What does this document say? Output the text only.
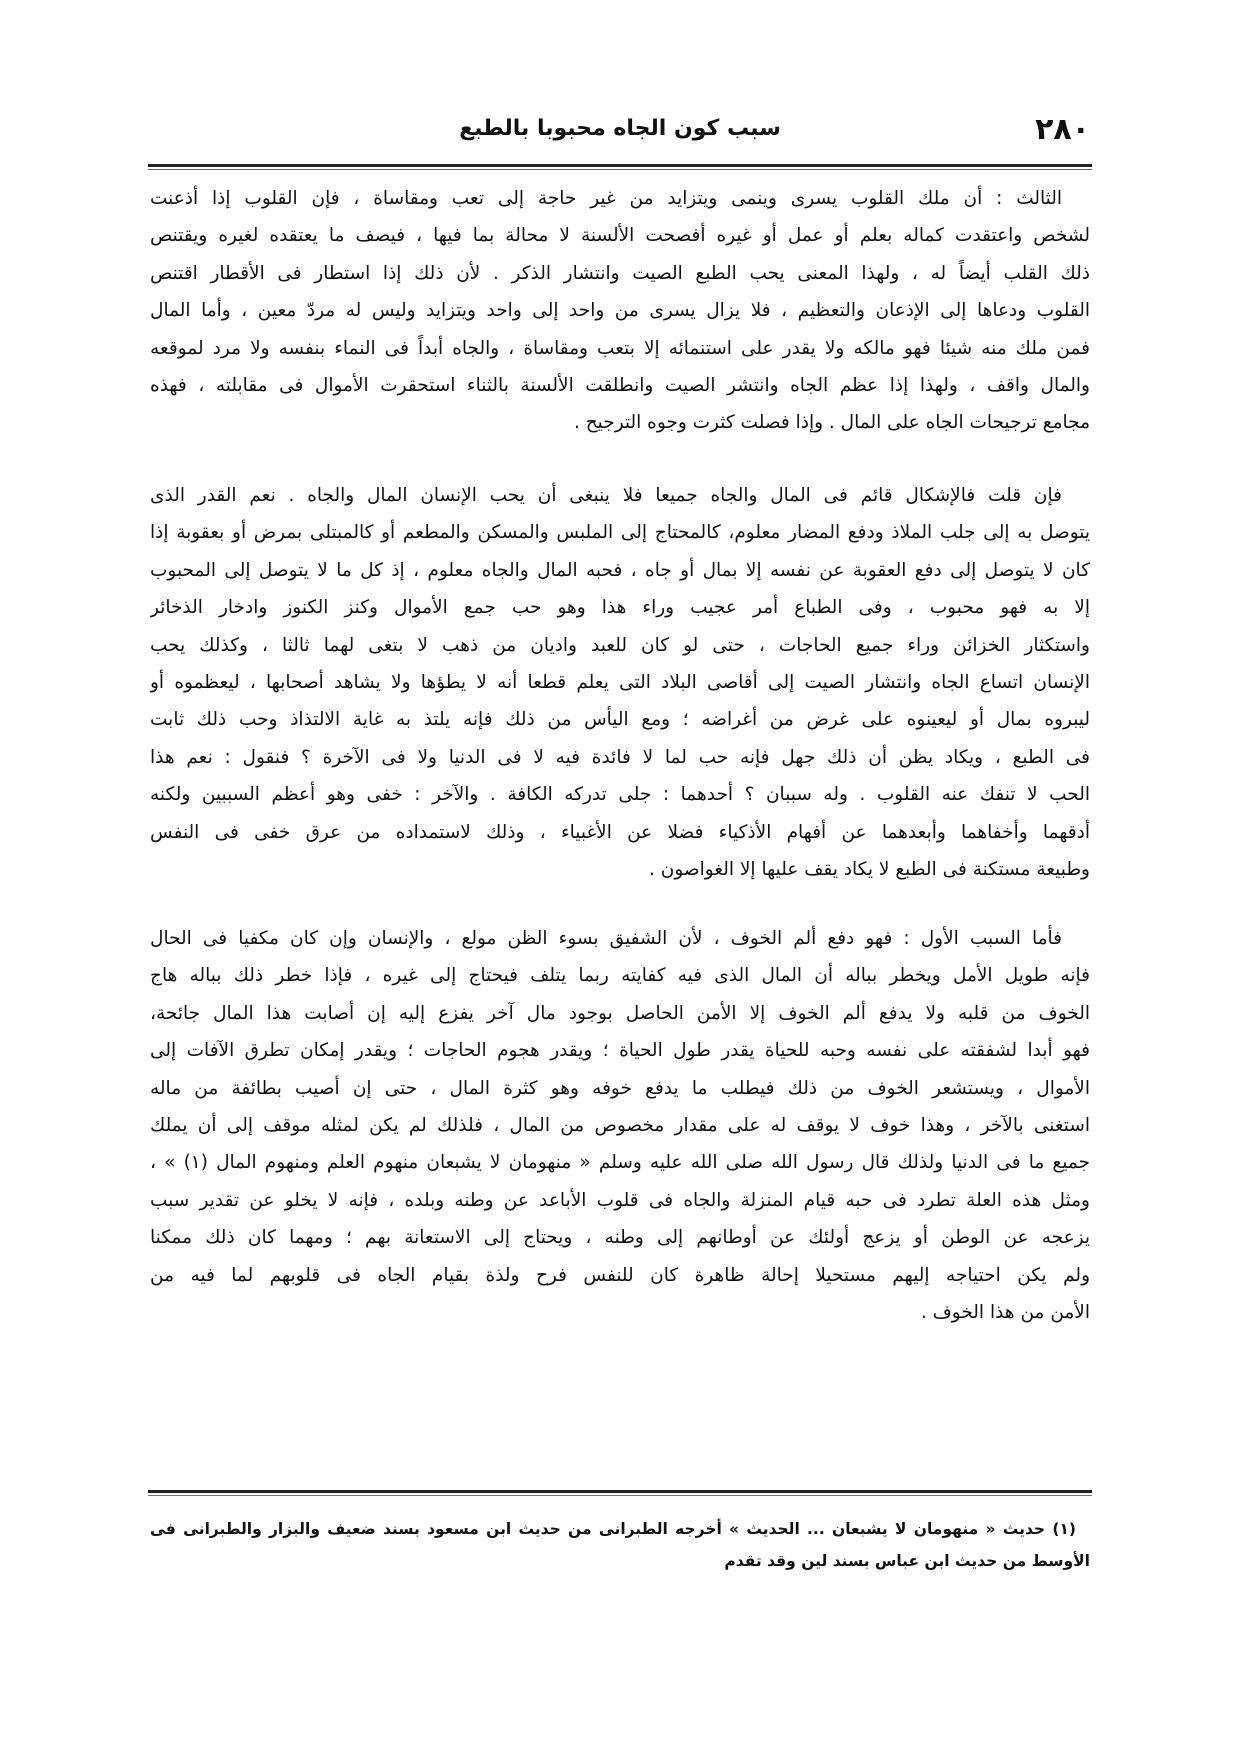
٢٨٠
سبب كون الجاه محبوبا بالطبع
الثالث : أن ملك القلوب يسرى وينمى ويتزايد من غير حاجة إلى تعب ومقاساة ، فإن القلوب إذا أذعنت
لشخص واعتقدت كماله بعلم أو عمل أو غيره أفصحت الألسنة لا محالة بما فيها ، فيصف ما يعتقده لغيره ويقتنص
ذلك القلب أيضاً له ، ولهذا المعنى يحب الطبع الصيت وانتشار الذكر . لأن ذلك إذا استطار فى الأقطار اقتنص
القلوب ودعاها إلى الإذعان والتعظيم ، فلا يزال يسرى من واحد إلى واحد ويتزايد وليس له مردّ معين ، وأما المال
فمن ملك منه شيئا فهو مالكه ولا يقدر على استنمائه إلا بتعب ومقاساة ، والجاه أبداً فى النماء بنفسه ولا مرد لموقعه
والمال واقف ، ولهذا إذا عظم الجاه وانتشر الصيت وانطلقت الألسنة بالثناء استحقرت الأموال فى مقابلته ، فهذه
مجامع ترجيحات الجاه على المال . وإذا فصلت كثرت وجوه الترجيح .
فإن قلت فالإشكال قائم فى المال والجاه جميعا فلا ينبغى أن يحب الإنسان المال والجاه . نعم القدر الذى
يتوصل به إلى جلب الملاذ ودفع المضار معلوم، كالمحتاج إلى الملبس والمسكن والمطعم أو كالمبتلى بمرض أو بعقوبة إذا
كان لا يتوصل إلى دفع العقوبة عن نفسه إلا بمال أو جاه ، فحبه المال والجاه معلوم ، إذ كل ما لا يتوصل إلى المحبوب
إلا به فهو محبوب ، وفى الطباع أمر عجيب وراء هذا وهو حب جمع الأموال وكنز الكنوز وادخار الذخائر
واستكثار الخزائن وراء جميع الحاجات ، حتى لو كان للعبد واديان من ذهب لا بتغى لهما ثالثا ، وكذلك يحب
الإنسان اتساع الجاه وانتشار الصيت إلى أقاصى البلاد التى يعلم قطعا أنه لا يطؤها ولا يشاهد أصحابها ، ليعظموه أو
ليبروه بمال أو ليعينوه على غرض من أغراضه ؛ ومع اليأس من ذلك فإنه يلتذ به غاية الالتذاذ وحب ذلك ثابت
فى الطبع ، ويكاد يظن أن ذلك جهل فإنه حب لما لا فائدة فيه لا فى الدنيا ولا فى الآخرة ؟ فنقول : نعم هذا
الحب لا تنفك عنه القلوب . وله سببان ؟ أحدهما : جلى تدركه الكافة . والآخر : خفى وهو أعظم السببين ولكنه
أدقهما وأخفاهما وأبعدهما عن أفهام الأذكياء فضلا عن الأغبياء ، وذلك لاستمداده من عرق خفى فى النفس
وطبيعة مستكنة فى الطبع لا يكاد يقف عليها إلا الغواصون .
فأما السبب الأول : فهو دفع ألم الخوف ، لأن الشفيق بسوء الظن مولع ، والإنسان وإن كان مكفيا فى الحال
فإنه طويل الأمل ويخطر بباله أن المال الذى فيه كفايته ربما يتلف فيحتاج إلى غيره ، فإذا خطر ذلك بباله هاج
الخوف من قلبه ولا يدفع ألم الخوف إلا الأمن الحاصل بوجود مال آخر يفزع إليه إن أصابت هذا المال جائحة،
فهو أبدا لشفقته على نفسه وحبه للحياة يقدر طول الحياة ؛ ويقدر هجوم الحاجات ؛ ويقدر إمكان تطرق الآفات إلى
الأموال ، ويستشعر الخوف من ذلك فيطلب ما يدفع خوفه وهو كثرة المال ، حتى إن أصيب بطائفة من ماله
استغنى بالآخر ، وهذا خوف لا يوقف له على مقدار مخصوص من المال ، فلذلك لم يكن لمثله موقف إلى أن يملك
جميع ما فى الدنيا ولذلك قال رسول الله صلى الله عليه وسلم « منهومان لا يشبعان منهوم العلم ومنهوم المال (١) » ،
ومثل هذه العلة تطرد فى حبه قيام المنزلة والجاه فى قلوب الأباعد عن وطنه وبلده ، فإنه لا يخلو عن تقدير سبب
يزعجه عن الوطن أو يزعج أولئك عن أوطانهم إلى وطنه ، ويحتاج إلى الاستعانة بهم ؛ ومهما كان ذلك ممكنا
ولم يكن احتياجه إليهم مستحيلا إحالة ظاهرة كان للنفس فرح ولذة بقيام الجاه فى قلوبهم لما فيه من
الأمن من هذا الخوف .
(١) حديث « منهومان لا يشبعان ... الحديث » أخرجه الطبرانى من حديث ابن مسعود بسند ضعيف والبزار والطبرانى فى
الأوسط من حديث ابن عباس بسند لين وقد تقدم
